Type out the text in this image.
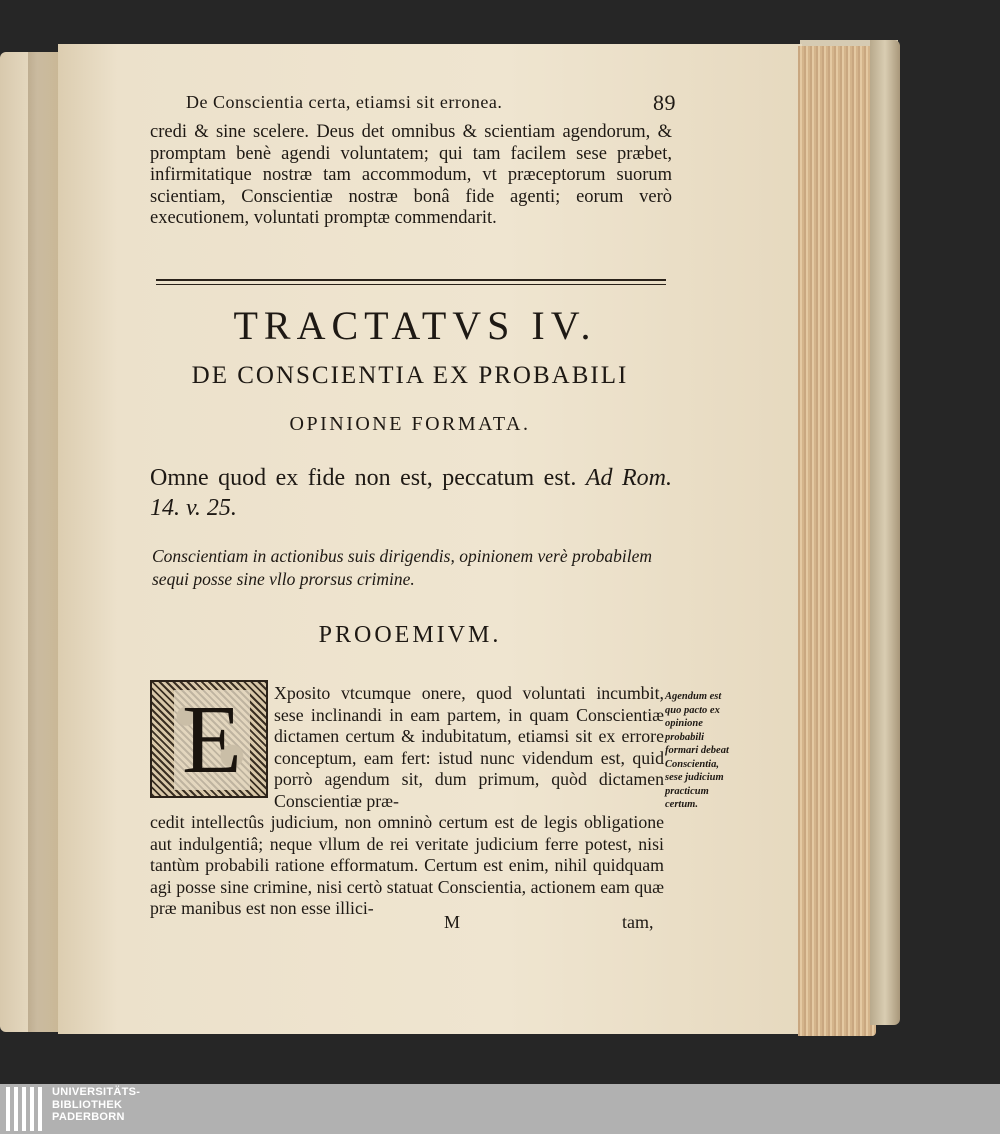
De Conscientia certa, etiamsi sit erronea.	89
credi & sine scelere. Deus det omnibus & scientiam agendorum, & promptam benè agendi voluntatem; qui tam facilem sese præbet, infirmitatique nostræ tam accommodum, vt præceptorum suorum scientiam, Conscientiæ nostræ bonâ fide agenti; eorum verò executionem, voluntati promptæ commendarit.
TRACTATVS IV.
DE CONSCIENTIA EX PROBABILI
OPINIONE FORMATA.
Omne quod ex fide non est, peccatum est. Ad Rom. 14. v. 25.
Conscientiam in actionibus suis dirigendis, opinionem verè probabilem sequi posse sine vllo prorsus crimine.
PROOEMIVM.
E	Xposito vtcumque onere, quod voluntati incumbit, sese inclinandi in eam partem, in quam Conscientiæ dictamen certum & indubitatum, etiamsi sit ex errore conceptum, eam fert: istud nunc videndum est, quid porrò agendum sit, dum primum, quòd dictamen Conscientiæ præ-
cedit intellectûs judicium, non omninò certum est de legis obligatione aut indulgentiâ; neque vllum de rei veritate judicium ferre potest, nisi tantùm probabili ratione efformatum. Certum est enim, nihil quidquam agi posse sine crimine, nisi certò statuat Conscientia, actionem eam quæ præ manibus est non esse illici-
M	tam,
Agendum est quo pacto ex opinione probabili formari debeat Conscientia, sese judicium practicum certum.
UNIVERSITÄTS-
BIBLIOTHEK
PADERBORN
